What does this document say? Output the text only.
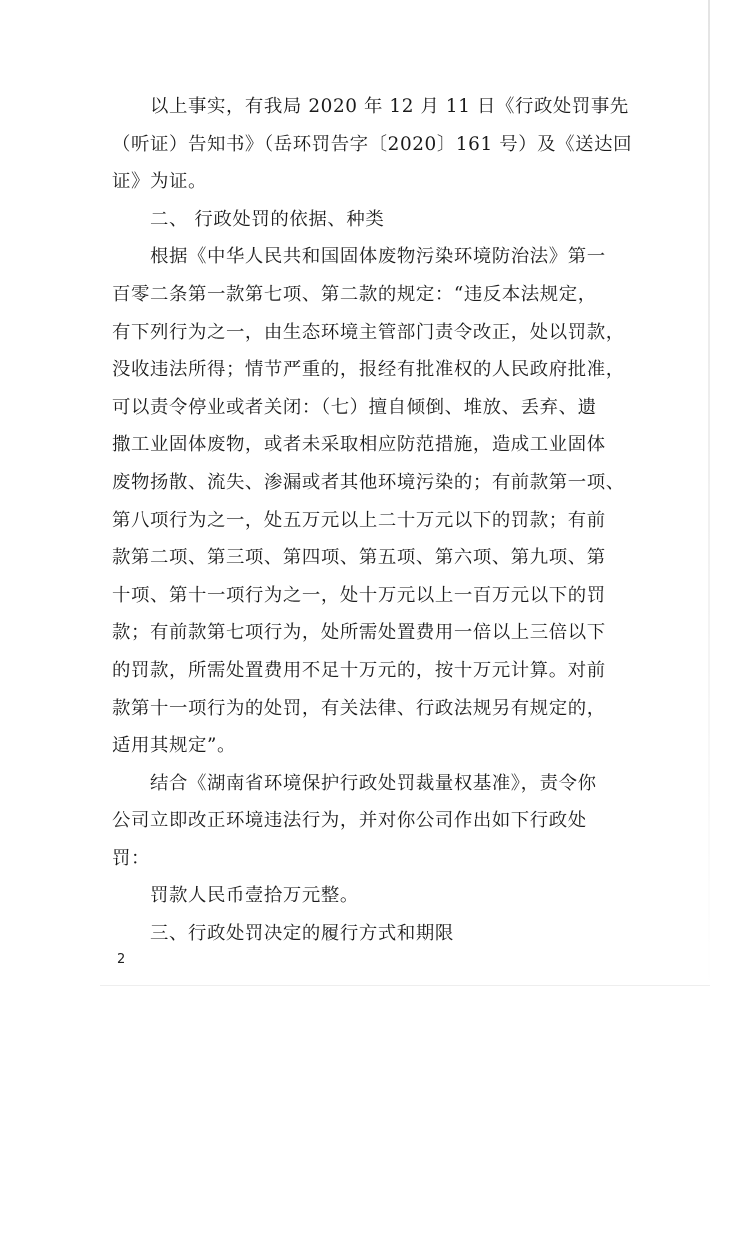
　　以上事实，有我局 2020 年 12 月 11 日《行政处罚事先
（听证）告知书》（岳环罚告字〔2020〕161 号）及《送达回
证》为证。
　　二、 行政处罚的依据、种类
　　根据《中华人民共和国固体废物污染环境防治法》第一
百零二条第一款第七项、第二款的规定：“违反本法规定，
有下列行为之一，由生态环境主管部门责令改正，处以罚款，
没收违法所得；情节严重的，报经有批准权的人民政府批准，
可以责令停业或者关闭：（七）擅自倾倒、堆放、丢弃、遗
撒工业固体废物，或者未采取相应防范措施，造成工业固体
废物扬散、流失、渗漏或者其他环境污染的；有前款第一项、
第八项行为之一，处五万元以上二十万元以下的罚款；有前
款第二项、第三项、第四项、第五项、第六项、第九项、第
十项、第十一项行为之一，处十万元以上一百万元以下的罚
款；有前款第七项行为，处所需处置费用一倍以上三倍以下
的罚款，所需处置费用不足十万元的，按十万元计算。对前
款第十一项行为的处罚，有关法律、行政法规另有规定的，
适用其规定”。
　　结合《湖南省环境保护行政处罚裁量权基准》，责令你
公司立即改正环境违法行为，并对你公司作出如下行政处
罚：
　　罚款人民币壹拾万元整。
　　三、行政处罚决定的履行方式和期限
2
